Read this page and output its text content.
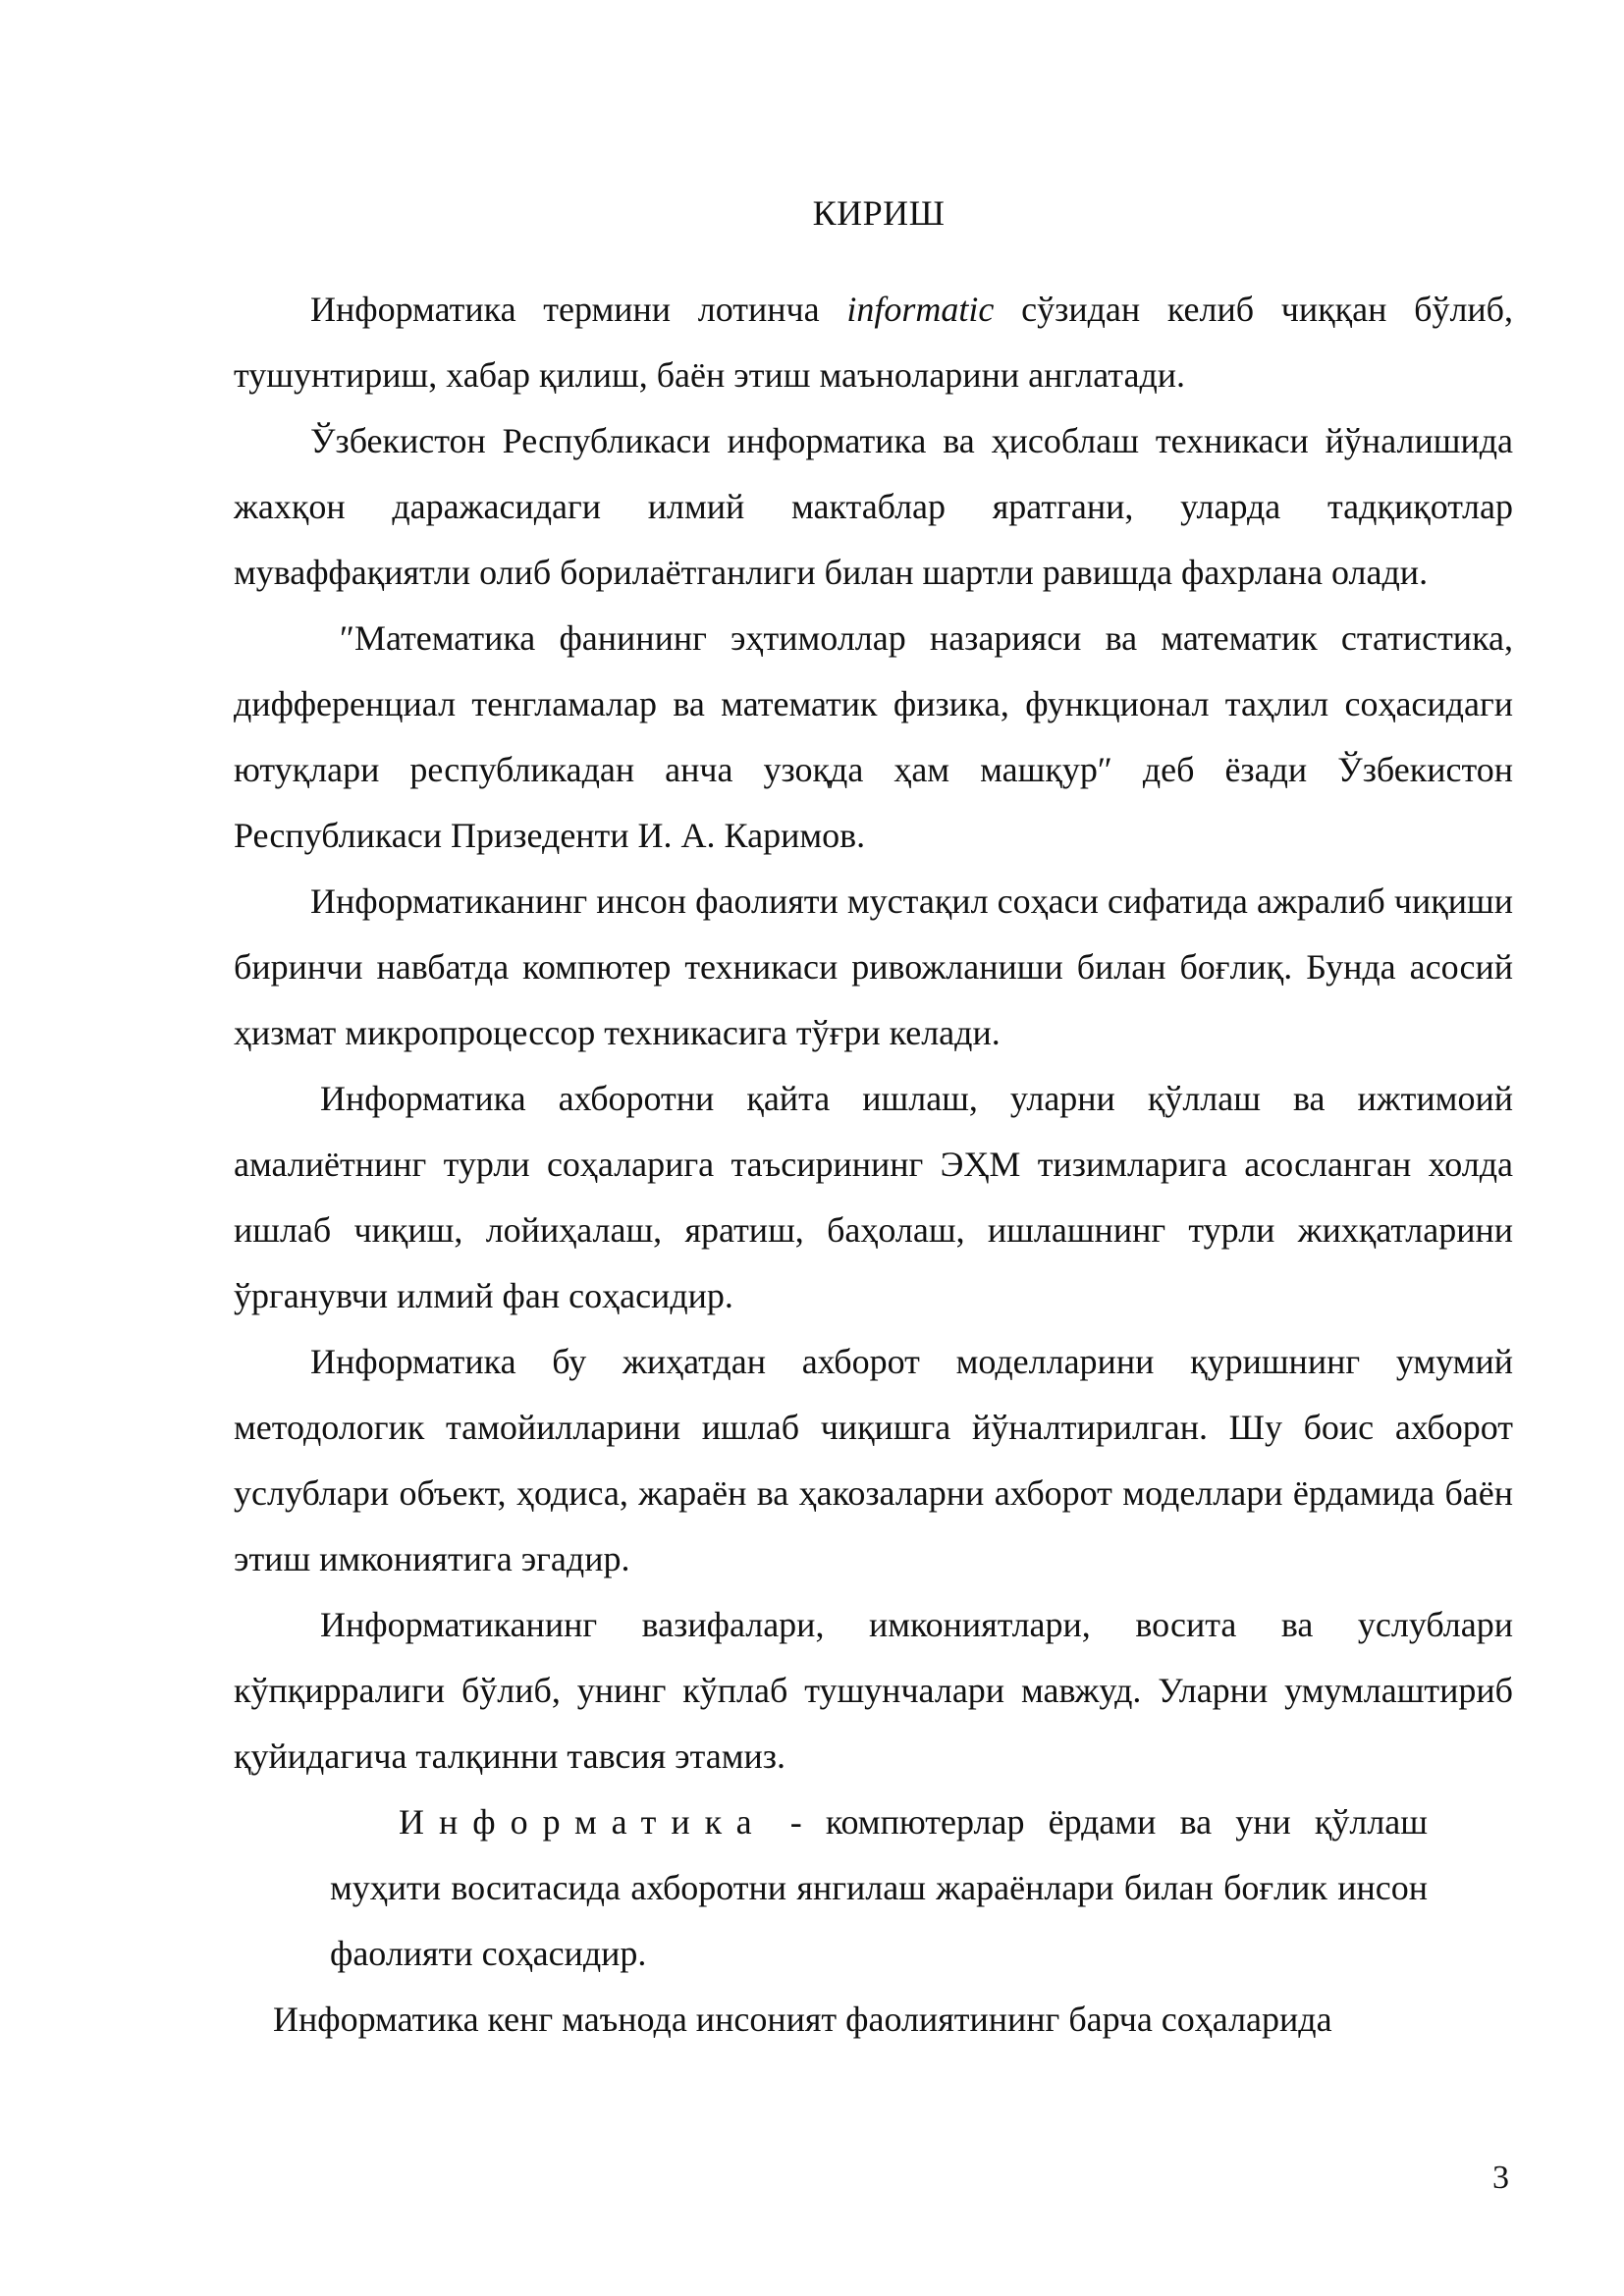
КИРИШ

Информатика термини лотинча informatic сўзидан келиб чиққан бўлиб, тушунтириш, хабар қилиш, баён этиш маъноларини англатади.

Ўзбекистон Республикаси информатика ва ҳисоблаш техникаси йўналишида жахқон даражасидаги илмий мактаблар яратгани, уларда тадқиқотлар муваффақиятли олиб борилаётганлиги билан шартли равишда фахрлана олади.

″Математика фанининг эҳтимоллар назарияси ва математик статистика, дифференциал тенгламалар ва математик физика, функционал таҳлил соҳасидаги ютуқлари республикадан анча узоқда ҳам машқур″ деб ёзади Ўзбекистон Республикаси Призеденти И. А. Каримов.

Информатиканинг инсон фаолияти мустақил соҳаси сифатида ажралиб чиқиши биринчи навбатда компютер техникаси ривожланиши билан боғлиқ. Бунда асосий ҳизмат микропроцессор техникасига тўғри келади.

Информатика ахборотни қайта ишлаш, уларни қўллаш ва ижтимоий амалиётнинг турли соҳаларига таъсирининг ЭҲМ тизимларига асосланган холда ишлаб чиқиш, лойиҳалаш, яратиш, баҳолаш, ишлашнинг турли жихқатларини ўрганувчи илмий фан соҳасидир.

Информатика бу жиҳатдан ахборот моделларини қуришнинг умумий методологик тамойилларини ишлаб чиқишга йўналтирилган. Шу боис ахборот услублари объект, ҳодиса, жараён ва ҳакозаларни ахборот моделлари ёрдамида баён этиш имкониятига эгадир.

Информатиканинг вазифалари, имкониятлари, восита ва услублари кўпқирралиги бўлиб, унинг кўплаб тушунчалари мавжуд. Уларни умумлаштириб қуйидагича талқинни тавсия этамиз.

Информатика - компютерлар ёрдами ва уни қўллаш муҳити воситасида ахборотни янгилаш жараёнлари билан боғлик инсон фаолияти соҳасидир.

Информатика кенг маънода инсоният фаолиятининг барча соҳаларида

3
